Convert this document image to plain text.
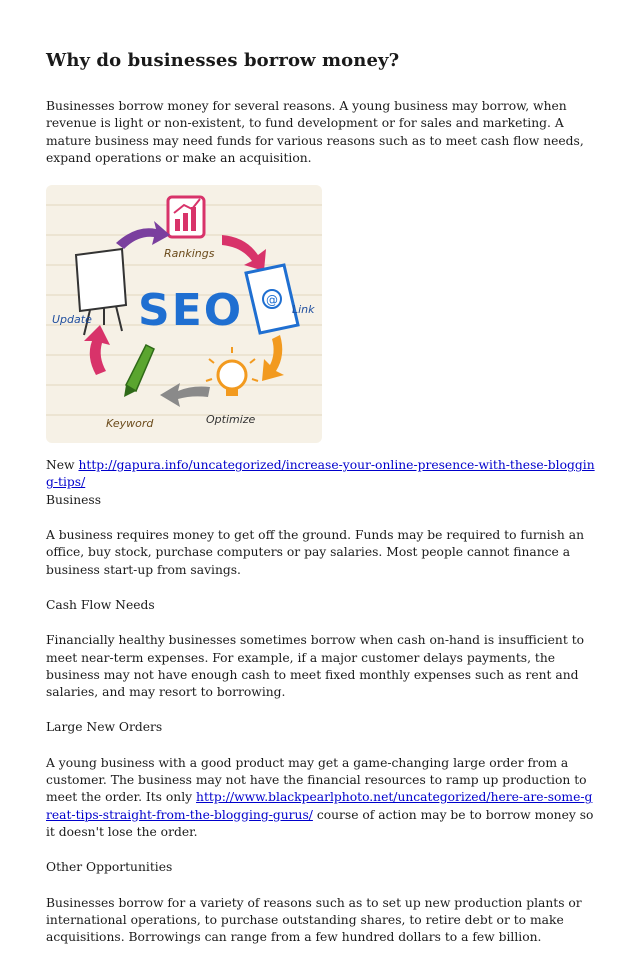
Why do businesses borrow money?

Businesses borrow money for several reasons. A young business may borrow, when revenue is light or non-existent, to fund development or for sales and marketing. A mature business may need funds for various reasons such as to meet cash flow needs, expand operations or make an acquisition.

Rankings
Update
@
Link
SEO
Keyword	Optimize

New http://gapura.info/uncategorized/increase-your-online-presence-with-these-blogging-tips/
Business

A business requires money to get off the ground. Funds may be required to furnish an office, buy stock, purchase computers or pay salaries. Most people cannot finance a business start-up from savings.

Cash Flow Needs

Financially healthy businesses sometimes borrow when cash on-hand is insufficient to meet near-term expenses. For example, if a major customer delays payments, the business may not have enough cash to meet fixed monthly expenses such as rent and salaries, and may resort to borrowing.

Large New Orders

A young business with a good product may get a game-changing large order from a customer. The business may not have the financial resources to ramp up production to meet the order. Its only http://www.blackpearlphoto.net/uncategorized/here-are-some-great-tips-straight-from-the-blogging-gurus/ course of action may be to borrow money so it doesn't lose the order.

Other Opportunities

Businesses borrow for a variety of reasons such as to set up new production plants or international operations, to purchase outstanding shares, to retire debt or to make acquisitions. Borrowings can range from a few hundred dollars to a few billion.
